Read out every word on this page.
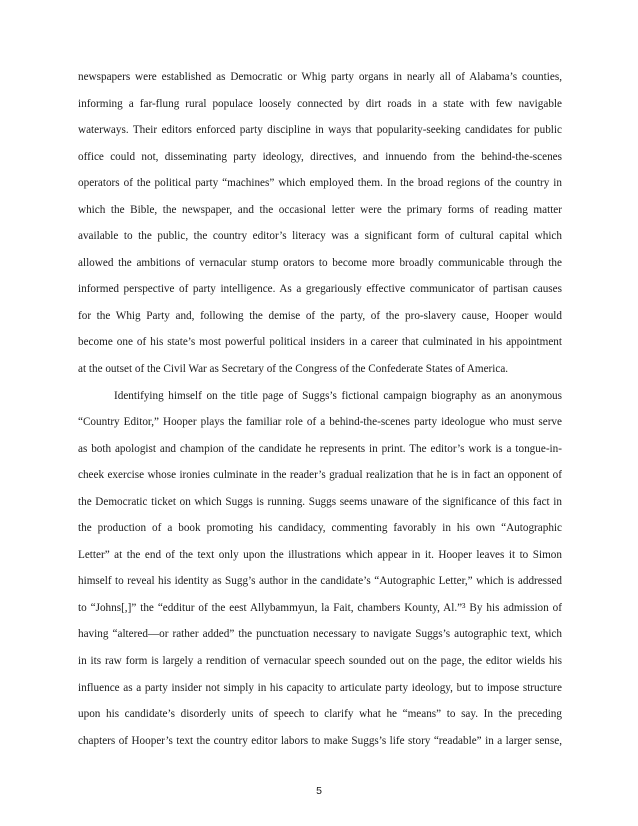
newspapers were established as Democratic or Whig party organs in nearly all of Alabama’s counties,
informing a far-flung rural populace loosely connected by dirt roads in a state with few navigable
waterways. Their editors enforced party discipline in ways that popularity-seeking candidates for public
office could not, disseminating party ideology, directives, and innuendo from the behind-the-scenes
operators of the political party “machines” which employed them. In the broad regions of the country in
which the Bible, the newspaper, and the occasional letter were the primary forms of reading matter
available to the public, the country editor’s literacy was a significant form of cultural capital which
allowed the ambitions of vernacular stump orators to become more broadly communicable through the
informed perspective of party intelligence. As a gregariously effective communicator of partisan causes
for the Whig Party and, following the demise of the party, of the pro-slavery cause, Hooper would
become one of his state’s most powerful political insiders in a career that culminated in his appointment
at the outset of the Civil War as Secretary of the Congress of the Confederate States of America.
Identifying himself on the title page of Suggs’s fictional campaign biography as an anonymous
“Country Editor,” Hooper plays the familiar role of a behind-the-scenes party ideologue who must serve
as both apologist and champion of the candidate he represents in print. The editor’s work is a tongue-in-
cheek exercise whose ironies culminate in the reader’s gradual realization that he is in fact an opponent of
the Democratic ticket on which Suggs is running. Suggs seems unaware of the significance of this fact in
the production of a book promoting his candidacy, commenting favorably in his own “Autographic
Letter” at the end of the text only upon the illustrations which appear in it. Hooper leaves it to Simon
himself to reveal his identity as Sugg’s author in the candidate’s “Autographic Letter,” which is addressed
to “Johns[,]” the “edditur of the eest Allybammyun, la Fait, chambers Kounty, Al.”³ By his admission of
having “altered—or rather added” the punctuation necessary to navigate Suggs’s autographic text, which
in its raw form is largely a rendition of vernacular speech sounded out on the page, the editor wields his
influence as a party insider not simply in his capacity to articulate party ideology, but to impose structure
upon his candidate’s disorderly units of speech to clarify what he “means” to say. In the preceding
chapters of Hooper’s text the country editor labors to make Suggs’s life story “readable” in a larger sense,
5
